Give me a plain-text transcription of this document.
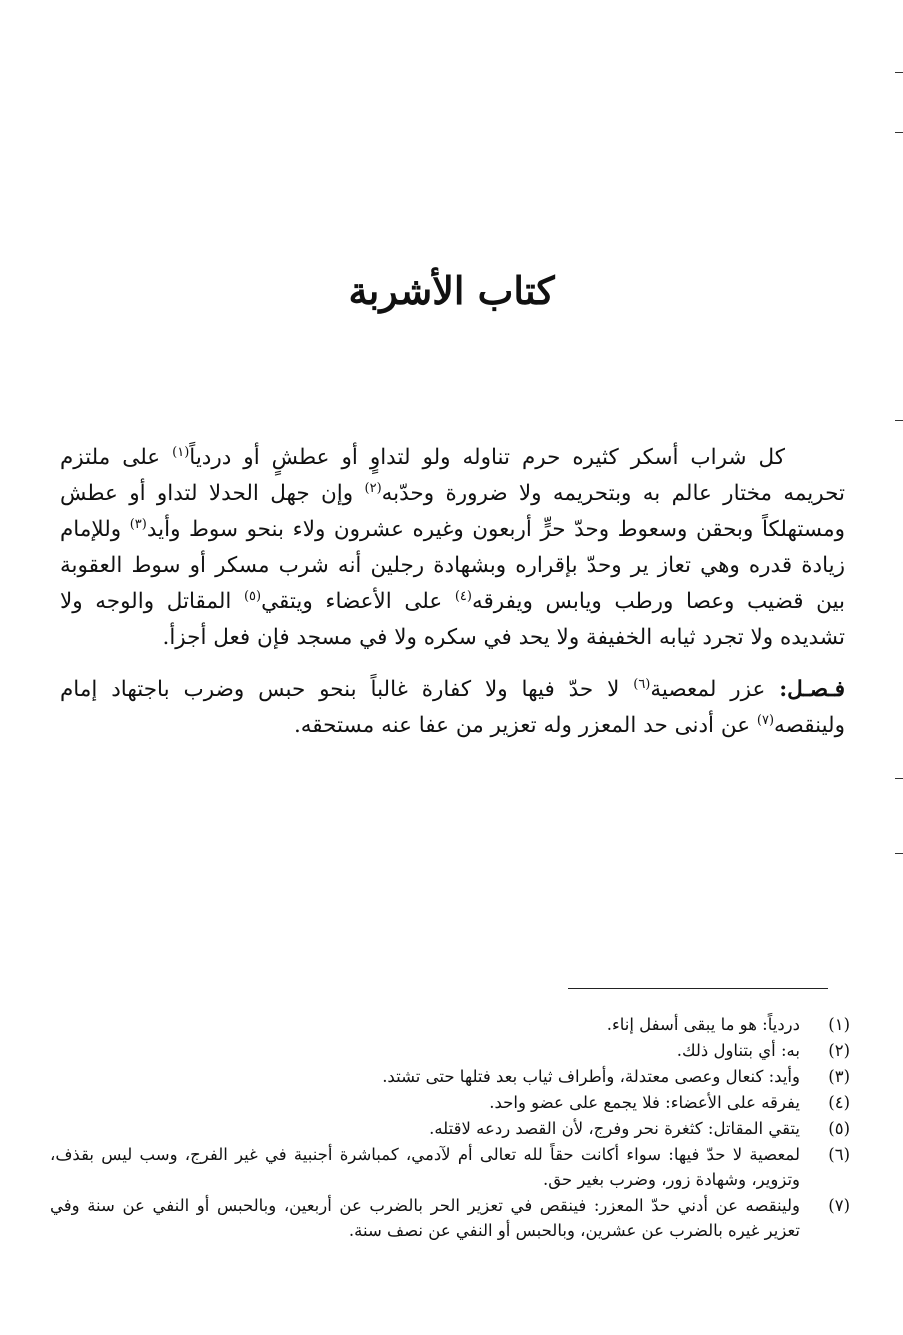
كتاب الأشربة

كل شراب أسكر كثيره حرم تناوله ولو لتداوٍ أو عطشٍ أو دردياً$^{(١)}$ على ملتزم تحريمه مختار عالم به وبتحريمه ولا ضرورة وحدّبه$^{(٢)}$ وإن جهل الحدلا لتداو أو عطش ومستهلكاً وبحقن وسعوط وحدّ حرٍّ أربعون وغيره عشرون ولاء بنحو سوط وأيد$^{(٣)}$ وللإمام زيادة قدره وهي تعاز ير وحدّ بإقراره وبشهادة رجلين أنه شرب مسكر أو سوط العقوبة بين قضيب وعصا ورطب ويابس ويفرقه$^{(٤)}$ على الأعضاء ويتقي$^{(٥)}$ المقاتل والوجه ولا تشديده ولا تجرد ثيابه الخفيفة ولا يحد في سكره ولا في مسجد فإن فعل أجزأ.

فـصـل: عزر لمعصية$^{(٦)}$ لا حدّ فيها ولا كفارة غالباً بنحو حبس وضرب باجتهاد إمام ولينقصه$^{(٧)}$ عن أدنى حد المعزر وله تعزير من عفا عنه مستحقه.

(١)
دردياً: هو ما يبقى أسفل إناء.
(٢)
به: أي بتناول ذلك.
(٣)
وأيد: كنعال وعصى معتدلة، وأطراف ثياب بعد فتلها حتى تشتد.
(٤)
يفرقه على الأعضاء: فلا يجمع على عضو واحد.
(٥)
يتقي المقاتل: كثغرة نحر وفرج، لأن القصد ردعه لاقتله.
(٦)
لمعصية لا حدّ فيها: سواء أكانت حقاً لله تعالى أم لآدمي، كمباشرة أجنبية في غير الفرج، وسب ليس بقذف، وتزوير، وشهادة زور، وضرب بغير حق.
(٧)
ولينقصه عن أدني حدّ المعزر: فينقص في تعزير الحر بالضرب عن أربعين، وبالحبس أو النفي عن سنة وفي تعزير غيره بالضرب عن عشرين، وبالحبس أو النفي عن نصف سنة.
